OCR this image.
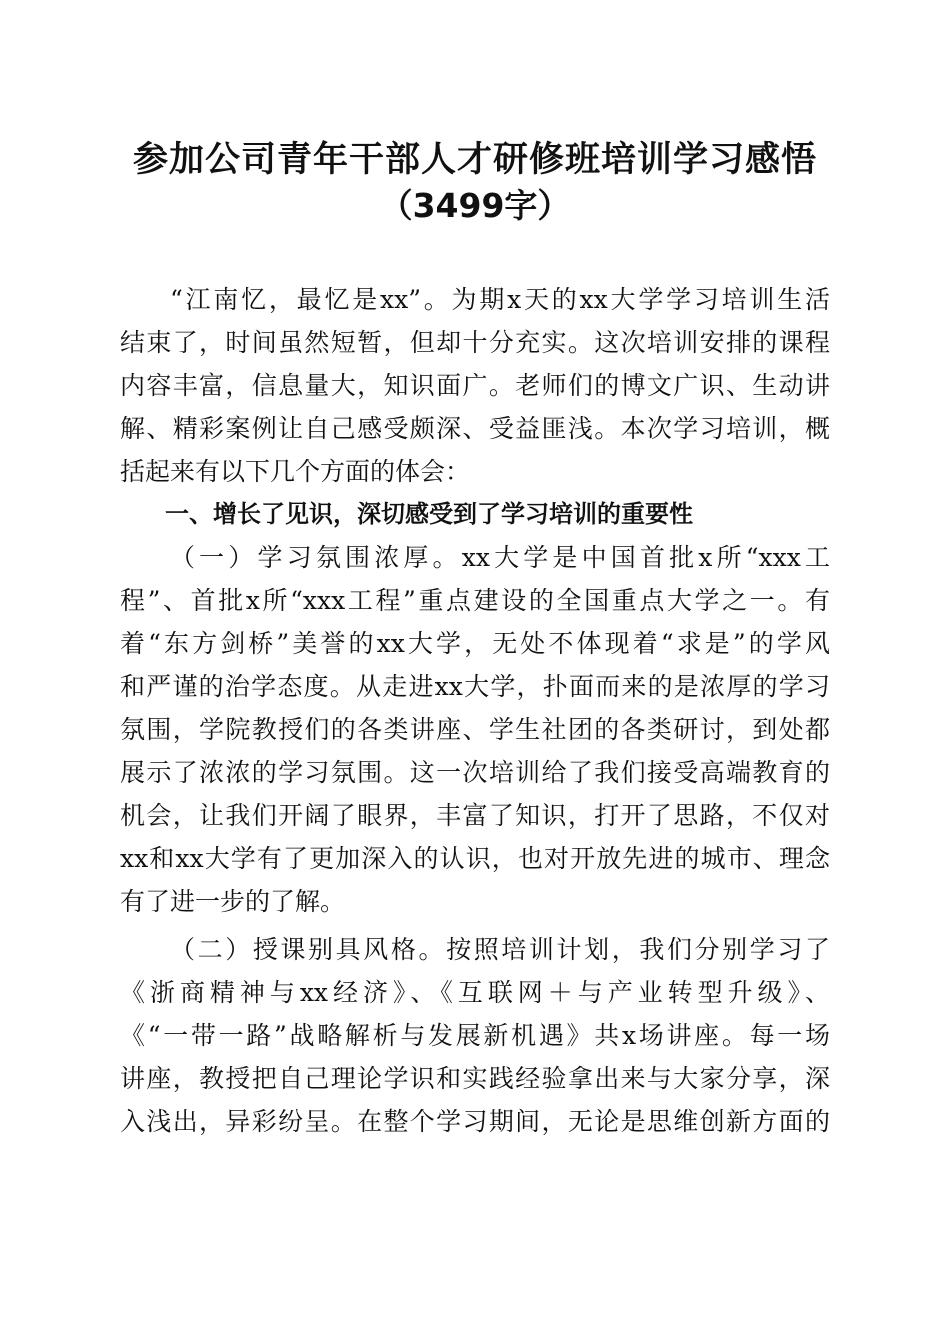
参加公司青年干部人才研修班培训学习感悟
（3499字）
“江南忆，最忆是xx”。为期x天的xx大学学习培训生活
结束了，时间虽然短暂，但却十分充实。这次培训安排的课程
内容丰富，信息量大，知识面广。老师们的博文广识、生动讲
解、精彩案例让自己感受颇深、受益匪浅。本次学习培训，概
括起来有以下几个方面的体会：
一、增长了见识，深切感受到了学习培训的重要性
（一）学习氛围浓厚。xx大学是中国首批x所“xxx工
程”、首批x所“xxx工程”重点建设的全国重点大学之一。有
着“东方剑桥”美誉的xx大学，无处不体现着“求是”的学风
和严谨的治学态度。从走进xx大学，扑面而来的是浓厚的学习
氛围，学院教授们的各类讲座、学生社团的各类研讨，到处都
展示了浓浓的学习氛围。这一次培训给了我们接受高端教育的
机会，让我们开阔了眼界，丰富了知识，打开了思路，不仅对
xx和xx大学有了更加深入的认识，也对开放先进的城市、理念
有了进一步的了解。
（二）授课别具风格。按照培训计划，我们分别学习了
《浙商精神与xx经济》、《互联网＋与产业转型升级》、
《“一带一路”战略解析与发展新机遇》共x场讲座。每一场
讲座，教授把自己理论学识和实践经验拿出来与大家分享，深
入浅出，异彩纷呈。在整个学习期间，无论是思维创新方面的
